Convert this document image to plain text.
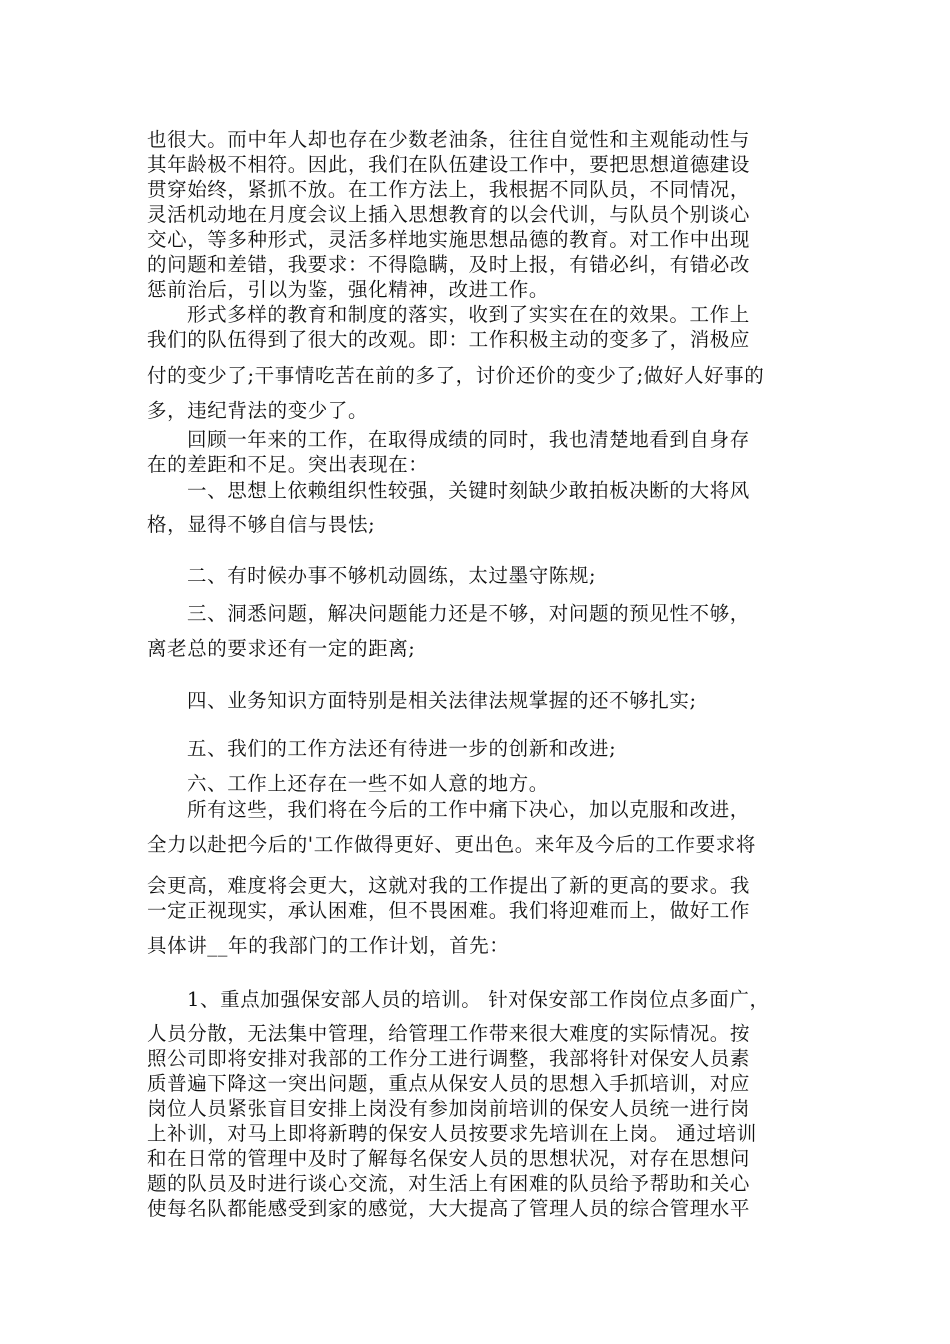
也很大。而中年人却也存在少数老油条，往往自觉性和主观能动性与
其年龄极不相符。因此，我们在队伍建设工作中，要把思想道德建设
贯穿始终，紧抓不放。在工作方法上，我根据不同队员，不同情况，
灵活机动地在月度会议上插入思想教育的以会代训，与队员个别谈心
交心，等多种形式，灵活多样地实施思想品德的教育。对工作中出现
的问题和差错，我要求：不得隐瞒，及时上报，有错必纠，有错必改
惩前治后，引以为鉴，强化精神，改进工作。
形式多样的教育和制度的落实，收到了实实在在的效果。工作上
我们的队伍得到了很大的改观。即：工作积极主动的变多了，消极应
付的变少了;干事情吃苦在前的多了，讨价还价的变少了;做好人好事的
多，违纪背法的变少了。
回顾一年来的工作，在取得成绩的同时，我也清楚地看到自身存
在的差距和不足。突出表现在：
一、思想上依赖组织性较强，关键时刻缺少敢拍板决断的大将风
格，显得不够自信与畏怯;
二、有时候办事不够机动圆练，太过墨守陈规;
三、洞悉问题，解决问题能力还是不够，对问题的预见性不够，
离老总的要求还有一定的距离;
四、业务知识方面特别是相关法律法规掌握的还不够扎实;
五、我们的工作方法还有待进一步的创新和改进;
六、工作上还存在一些不如人意的地方。
所有这些，我们将在今后的工作中痛下决心，加以克服和改进，
全力以赴把今后的'工作做得更好、更出色。来年及今后的工作要求将
会更高，难度将会更大，这就对我的工作提出了新的更高的要求。我
一定正视现实，承认困难，但不畏困难。我们将迎难而上，做好工作
具体讲__年的我部门的工作计划，首先：
1、重点加强保安部人员的培训。 针对保安部工作岗位点多面广，
人员分散，无法集中管理，给管理工作带来很大难度的实际情况。按
照公司即将安排对我部的工作分工进行调整，我部将针对保安人员素
质普遍下降这一突出问题，重点从保安人员的思想入手抓培训，对应
岗位人员紧张盲目安排上岗没有参加岗前培训的保安人员统一进行岗
上补训，对马上即将新聘的保安人员按要求先培训在上岗。 通过培训
和在日常的管理中及时了解每名保安人员的思想状况，对存在思想问
题的队员及时进行谈心交流，对生活上有困难的队员给予帮助和关心
使每名队都能感受到家的感觉，大大提高了管理人员的综合管理水平
